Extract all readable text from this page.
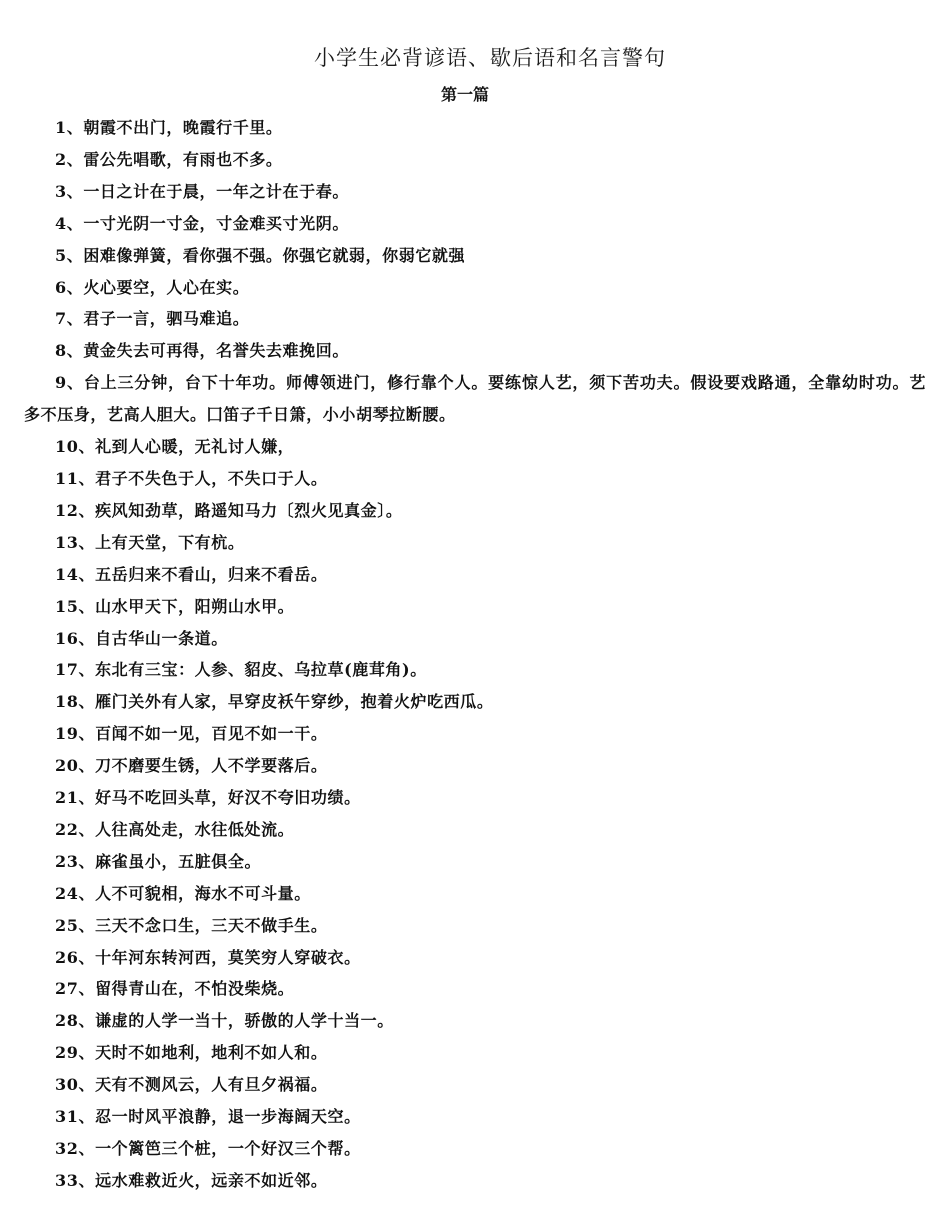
小学生必背谚语、歇后语和名言警句
第一篇
1、朝霞不出门，晚霞行千里。
2、雷公先唱歌，有雨也不多。
3、一日之计在于晨，一年之计在于春。
4、一寸光阴一寸金，寸金难买寸光阴。
5、困难像弹簧，看你强不强。你强它就弱，你弱它就强
6、火心要空，人心在实。
7、君子一言，驷马难追。
8、黄金失去可再得，名誉失去难挽回。
9、台上三分钟，台下十年功。师傅领进门，修行靠个人。要练惊人艺，须下苦功夫。假设要戏路通，全靠幼时功。艺多不压身，艺高人胆大。囗笛子千日箫，小小胡琴拉断腰。
10、礼到人心暖，无礼讨人嫌，
11、君子不失色于人，不失口于人。
12、疾风知劲草，路遥知马力〔烈火见真金〕。
13、上有天堂，下有杭。
14、五岳归来不看山，归来不看岳。
15、山水甲天下，阳朔山水甲。
16、自古华山一条道。
17、东北有三宝：人参、貂皮、乌拉草(鹿茸角)。
18、雁门关外有人家，早穿皮袄午穿纱，抱着火炉吃西瓜。
19、百闻不如一见，百见不如一干。
20、刀不磨要生锈，人不学要落后。
21、好马不吃回头草，好汉不夸旧功绩。
22、人往高处走，水往低处流。
23、麻雀虽小，五脏俱全。
24、人不可貌相，海水不可斗量。
25、三天不念口生，三天不做手生。
26、十年河东转河西，莫笑穷人穿破衣。
27、留得青山在，不怕没柴烧。
28、谦虚的人学一当十，骄傲的人学十当一。
29、天时不如地利，地利不如人和。
30、天有不测风云，人有旦夕祸福。
31、忍一时风平浪静，退一步海阔天空。
32、一个篱笆三个桩，一个好汉三个帮。
33、远水难救近火，远亲不如近邻。
